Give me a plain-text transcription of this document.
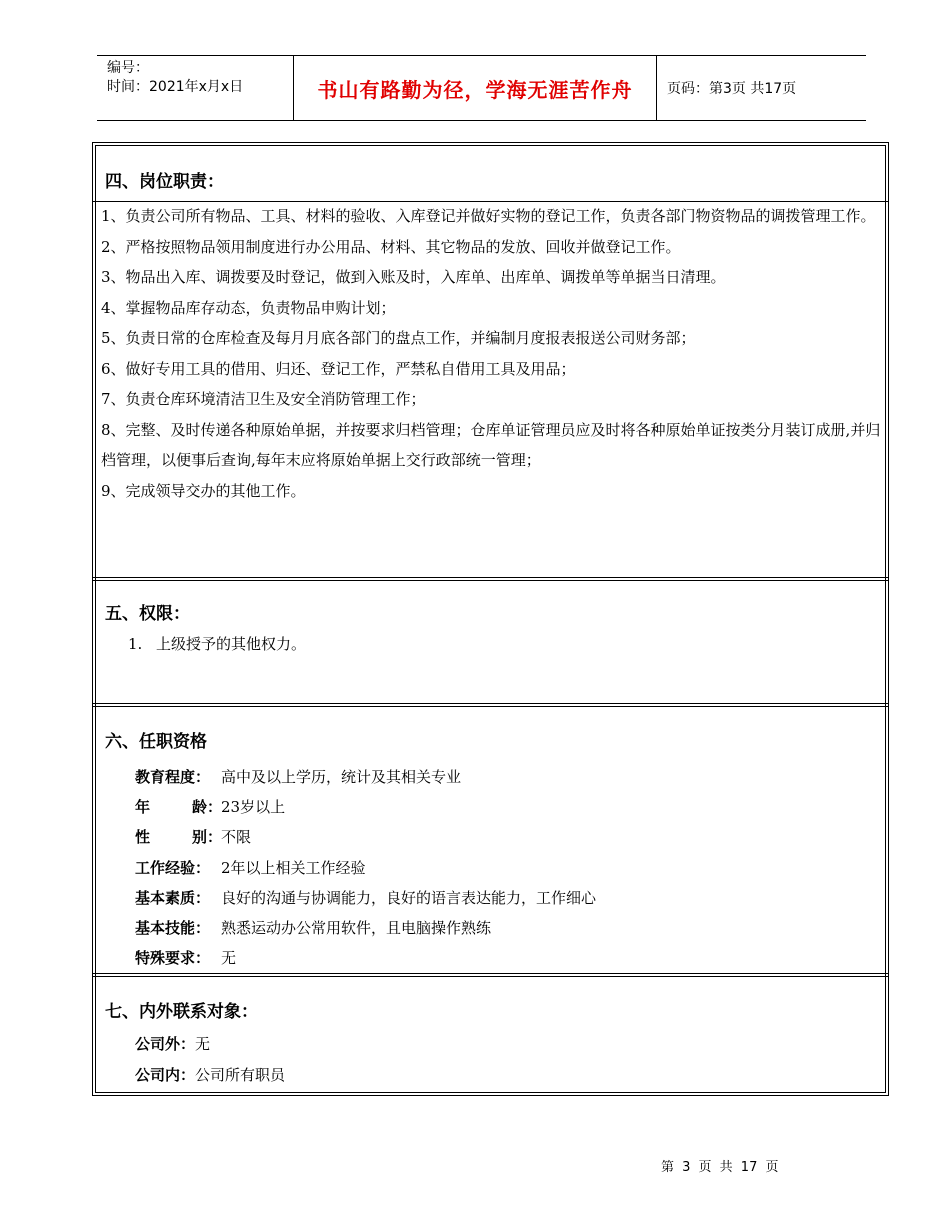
编号：
时间：2021年x月x日	书山有路勤为径，学海无涯苦作舟	页码：第3页 共17页
四、岗位职责：

1、负责公司所有物品、工具、材料的验收、入库登记并做好实物的登记工作，负责各部门物资物品的调拨管理工作。

2、严格按照物品领用制度进行办公用品、材料、其它物品的发放、回收并做登记工作。

3、物品出入库、调拨要及时登记，做到入账及时，入库单、出库单、调拨单等单据当日清理。

4、掌握物品库存动态，负责物品申购计划；

5、负责日常的仓库检查及每月月底各部门的盘点工作，并编制月度报表报送公司财务部；

6、做好专用工具的借用、归还、登记工作，严禁私自借用工具及用品；

7、负责仓库环境清洁卫生及安全消防管理工作；

8、完整、及时传递各种原始单据，并按要求归档管理；仓库单证管理员应及时将各种原始单证按类分月装订成册,并归档管理，以便事后查询,每年末应将原始单据上交行政部统一管理；

9、完成领导交办的其他工作。

五、权限：
1. 上级授予的其他权力。
六、任职资格
教育程度： 高中及以上学历，统计及其相关专业
年龄：23岁以上
性别：不限
工作经验： 2年以上相关工作经验
基本素质： 良好的沟通与协调能力，良好的语言表达能力，工作细心
基本技能： 熟悉运动办公常用软件，且电脑操作熟练
特殊要求： 无
七、内外联系对象：
公司外：无
公司内：公司所有职员
第 3 页 共 17 页
